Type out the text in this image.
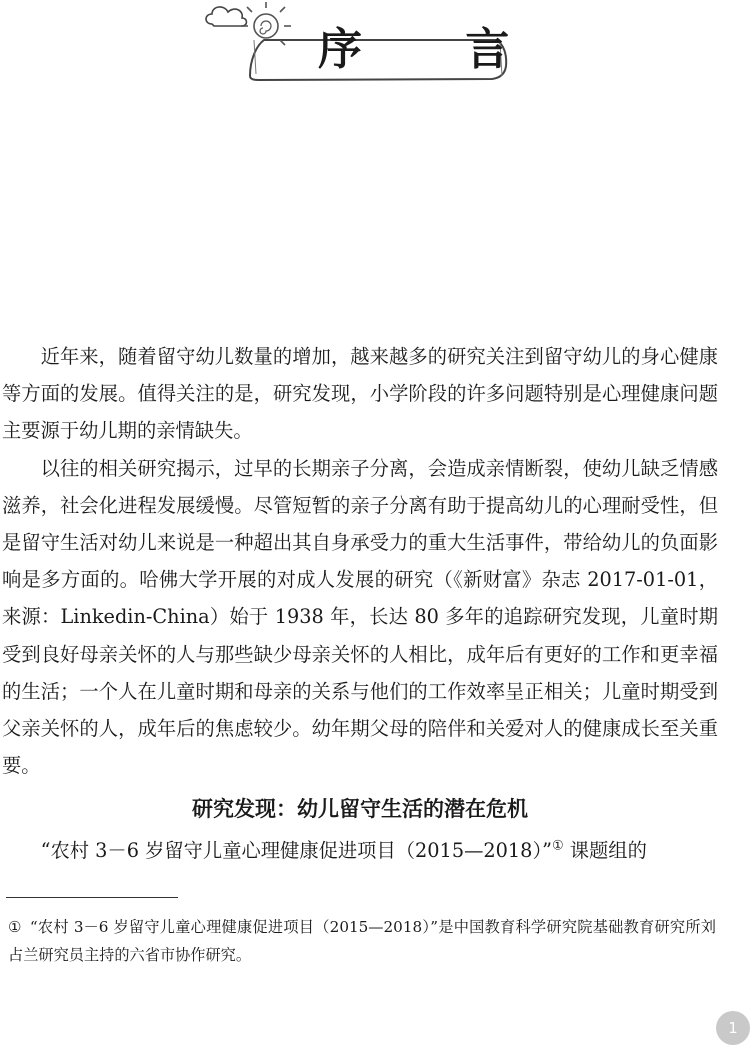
序 言

近年来，随着留守幼儿数量的增加，越来越多的研究关注到留守幼儿的身心健康等方面的发展。值得关注的是，研究发现，小学阶段的许多问题特别是心理健康问题主要源于幼儿期的亲情缺失。

以往的相关研究揭示，过早的长期亲子分离，会造成亲情断裂，使幼儿缺乏情感滋养，社会化进程发展缓慢。尽管短暂的亲子分离有助于提高幼儿的心理耐受性，但是留守生活对幼儿来说是一种超出其自身承受力的重大生活事件，带给幼儿的负面影响是多方面的。哈佛大学开展的对成人发展的研究（《新财富》杂志 2017-01-01，来源：Linkedin-China）始于 1938 年，长达 80 多年的追踪研究发现，儿童时期受到良好母亲关怀的人与那些缺少母亲关怀的人相比，成年后有更好的工作和更幸福的生活；一个人在儿童时期和母亲的关系与他们的工作效率呈正相关；儿童时期受到父亲关怀的人，成年后的焦虑较少。幼年期父母的陪伴和关爱对人的健康成长至关重要。

研究发现：幼儿留守生活的潜在危机

“农村 3－6 岁留守儿童心理健康促进项目（2015—2018）”① 课题组的

① “农村 3－6 岁留守儿童心理健康促进项目（2015—2018）”是中国教育科学研究院基础教育研究所刘占兰研究员主持的六省市协作研究。

1
